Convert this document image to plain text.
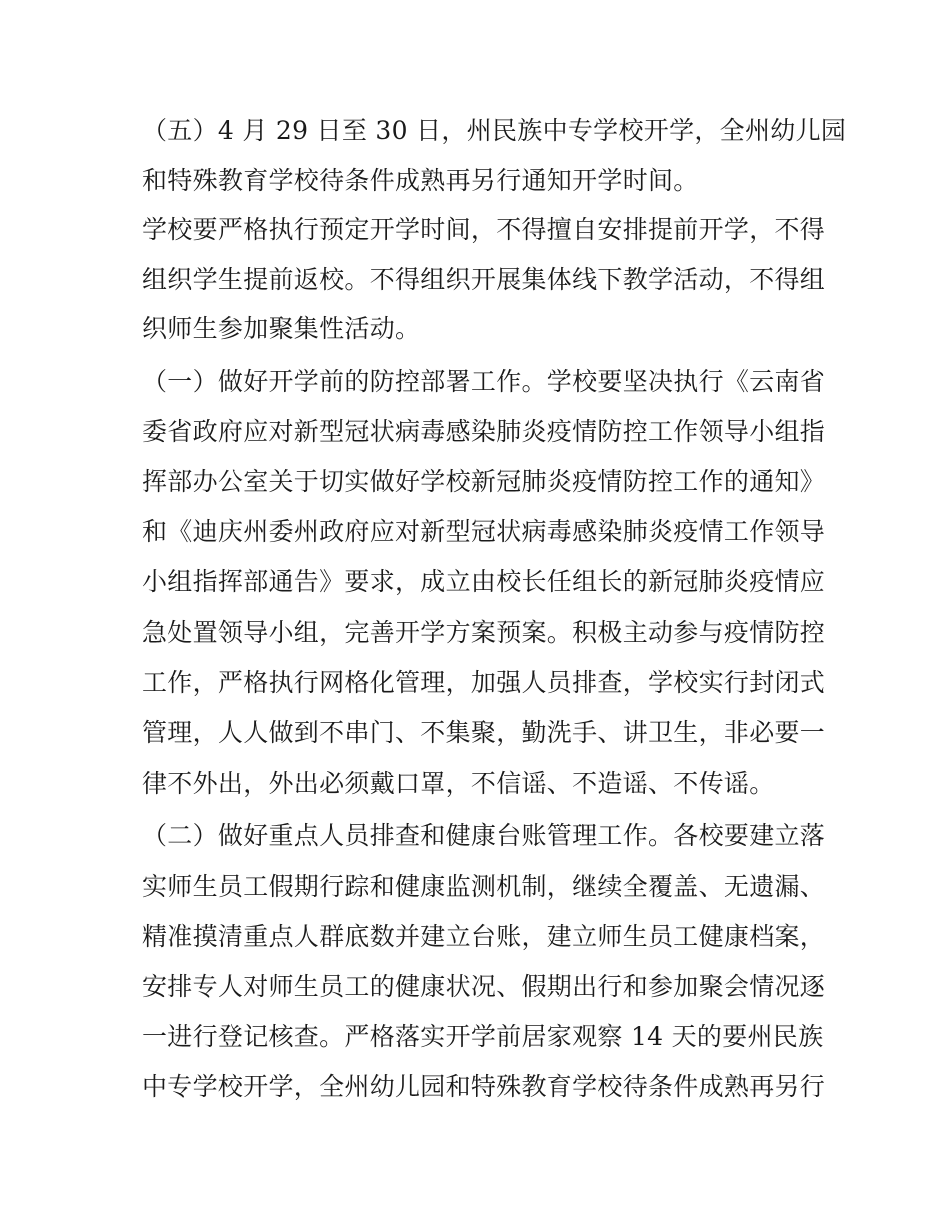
（五）4 月 29 日至 30 日，州民族中专学校开学，全州幼儿园
和特殊教育学校待条件成熟再另行通知开学时间。
学校要严格执行预定开学时间，不得擅自安排提前开学，不得
组织学生提前返校。不得组织开展集体线下教学活动，不得组
织师生参加聚集性活动。
（一）做好开学前的防控部署工作。学校要坚决执行《云南省
委省政府应对新型冠状病毒感染肺炎疫情防控工作领导小组指
挥部办公室关于切实做好学校新冠肺炎疫情防控工作的通知》
和《迪庆州委州政府应对新型冠状病毒感染肺炎疫情工作领导
小组指挥部通告》要求，成立由校长任组长的新冠肺炎疫情应
急处置领导小组，完善开学方案预案。积极主动参与疫情防控
工作，严格执行网格化管理，加强人员排查，学校实行封闭式
管理，人人做到不串门、不集聚，勤洗手、讲卫生，非必要一
律不外出，外出必须戴口罩，不信谣、不造谣、不传谣。
（二）做好重点人员排查和健康台账管理工作。各校要建立落
实师生员工假期行踪和健康监测机制，继续全覆盖、无遗漏、
精准摸清重点人群底数并建立台账，建立师生员工健康档案，
安排专人对师生员工的健康状况、假期出行和参加聚会情况逐
一进行登记核查。严格落实开学前居家观察 14 天的要州民族
中专学校开学，全州幼儿园和特殊教育学校待条件成熟再另行
